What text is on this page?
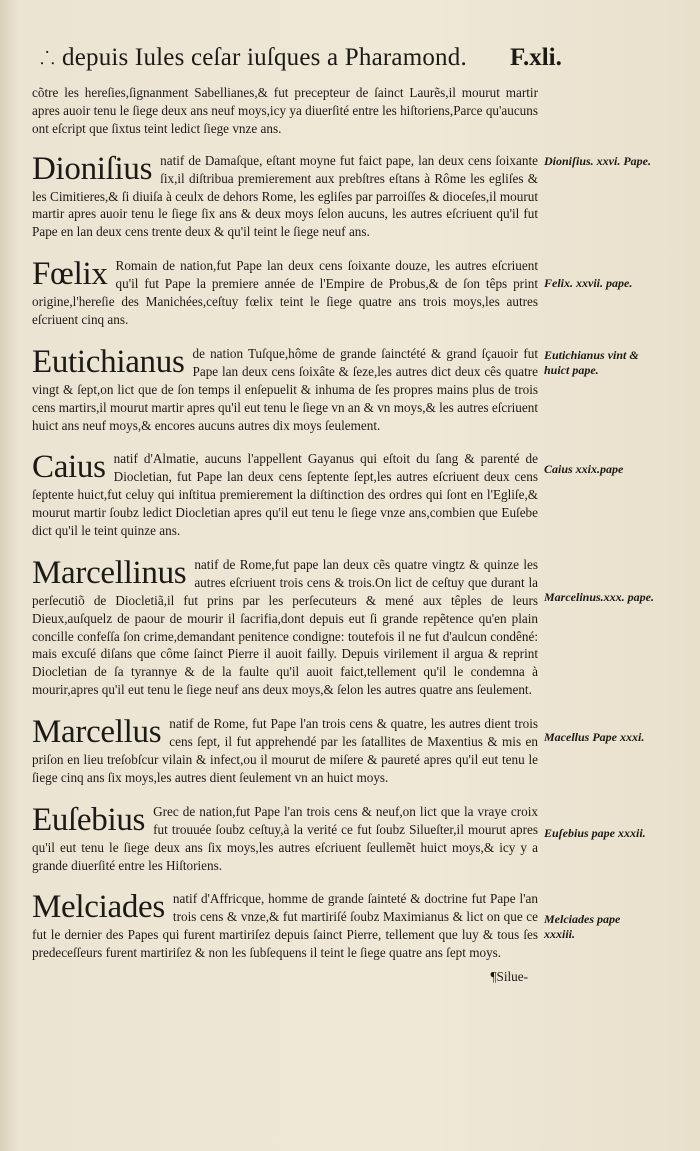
⸫ depuis Iules ceſar iuſques a Pharamond. F.xli.

cõtre les hereſies,ſignanment Sabellianes,& fut precepteur de ſainct Laurẽs,il mourut martir apres auoir tenu le ſiege deux ans neuf moys,icy ya diuerſité entre les hiſtoriens,Parce qu'aucuns ont eſcript que ſixtus teint ledict ſiege vnze ans.

Dioniſius natif de Damaſque, eſtant moyne fut faict pape, lan deux cens ſoixante ſix,il diſtribua premierement aux prebſtres eſtans à Rôme les egliſes & les Cimitieres,& ſi diuiſa à ceulx de dehors Rome, les egliſes par parroiſſes & dioceſes,il mourut martir apres auoir tenu le ſiege ſix ans & deux moys ſelon aucuns, les autres eſcriuent qu'il fut Pape en lan deux cens trente deux & qu'il teint le ſiege neuf ans.
Fœlix Romain de nation,fut Pape lan deux cens ſoixante douze, les autres eſcriuent qu'il fut Pape la premiere année de l'Empire de Probus,& de ſon têps print origine,l'hereſie des Manichées,ceſtuy fœlix teint le ſiege quatre ans trois moys,les autres eſcriuent cinq ans.
Eutichianus de nation Tuſque,hôme de grande ſainctété & grand ſçauoir fut Pape lan deux cens ſoixâte & ſeze,les autres dict deux cês quatre vingt & ſept,on lict que de ſon temps il enſepuelit & inhuma de ſes propres mains plus de trois cens martirs,il mourut martir apres qu'il eut tenu le ſiege vn an & vn moys,& les autres eſcriuent huict ans neuf moys,& encores aucuns autres dix moys ſeulement.
Caius natif d'Almatie, aucuns l'appellent Gayanus qui eſtoit du ſang & parenté de Diocletian, fut Pape lan deux cens ſeptente ſept,les autres eſcriuent deux cens ſeptente huict,fut celuy qui inſtitua premierement la diſtinction des ordres qui ſont en l'Egliſe,& mourut martir ſoubz ledict Diocletian apres qu'il eut tenu le ſiege vnze ans,combien que Euſebe dict qu'il le teint quinze ans.
Marcellinus natif de Rome,fut pape lan deux cẽs quatre vingtz & quinze les autres eſcriuent trois cens & trois.On lict de ceſtuy que durant la perſecutiõ de Diocletiã,il fut prins par les perſecuteurs & mené aux têples de leurs Dieux,auſquelz de paour de mourir il ſacrifia,dont depuis eut ſi grande repẽtence qu'en plain concille confeſſa ſon crime,demandant penitence condigne: toutefois il ne fut d'aulcun condêné: mais excuſé diſans que côme ſainct Pierre il auoit failly. Depuis virilement il argua & reprint Diocletian de ſa tyrannye & de la faulte qu'il auoit faict,tellement qu'il le condemna à mourir,apres qu'il eut tenu le ſiege neuf ans deux moys,& ſelon les autres quatre ans ſeulement.
Marcellus natif de Rome, fut Pape l'an trois cens & quatre, les autres dient trois cens ſept, il fut apprehendé par les ſatallites de Maxentius & mis en priſon en lieu treſobſcur vilain & infect,ou il mourut de miſere & paureté apres qu'il eut tenu le ſiege cinq ans ſix moys,les autres dient ſeulement vn an huict moys.
Euſebius Grec de nation,fut Pape l'an trois cens & neuf,on lict que la vraye croix fut trouuée ſoubz ceſtuy,à la verité ce fut ſoubz Silueſter,il mourut apres qu'il eut tenu le ſiege deux ans ſix moys,les autres eſcriuent ſeullemẽt huict moys,& icy y a grande diuerſité entre les Hiſtoriens.
Melciades natif d'Affricque, homme de grande ſainteté & doctrine fut Pape l'an trois cens & vnze,& fut martiriſé ſoubz Maximianus & lict on que ce fut le dernier des Papes qui furent martiriſez depuis ſainct Pierre, tellement que luy & tous ſes predeceſſeurs furent martiriſez & non les ſubſequens il teint le ſiege quatre ans ſept moys.
¶Silue-
Dioniſius. xxvi. Pape.
Felix. xxvii. pape.
Eutichianus vint & huict pape.
Caius xxix.pape
Marcelinus.xxx. pape.
Macellus Pape xxxi.
Euſebius pape xxxii.
Melciades pape xxxiii.
